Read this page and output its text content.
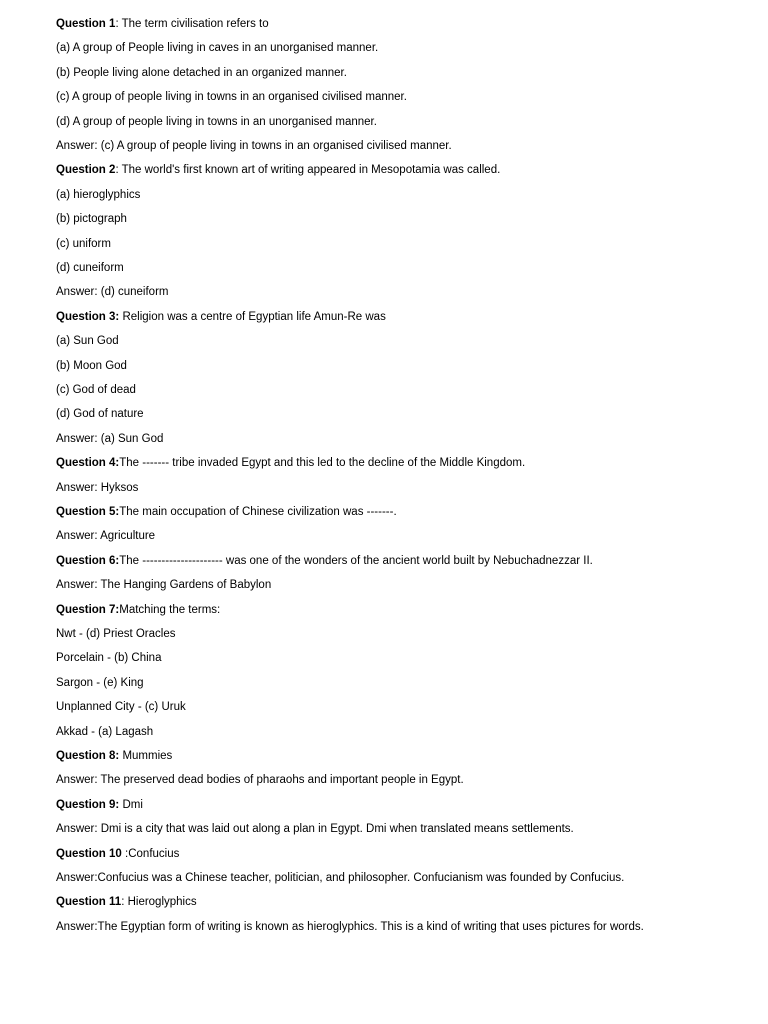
Question 1: The term civilisation refers to
(a) A group of People living in caves in an unorganised manner.
(b) People living alone detached in an organized manner.
(c) A group of people living in towns in an organised civilised manner.
(d) A group of people living in towns in an unorganised manner.
Answer: (c) A group of people living in towns in an organised civilised manner.
Question 2: The world's first known art of writing appeared in Mesopotamia was called.
(a) hieroglyphics
(b) pictograph
(c) uniform
(d) cuneiform
Answer: (d) cuneiform
Question 3: Religion was a centre of Egyptian life Amun-Re was
(a) Sun God
(b) Moon God
(c) God of dead
(d) God of nature
Answer: (a) Sun God
Question 4:The ------- tribe invaded Egypt and this led to the decline of the Middle Kingdom.
Answer: Hyksos
Question 5:The main occupation of Chinese civilization was -------.
Answer: Agriculture
Question 6:The --------------------- was one of the wonders of the ancient world built by Nebuchadnezzar II.
Answer: The Hanging Gardens of Babylon
Question 7:Matching the terms:
Nwt - (d) Priest Oracles
Porcelain - (b) China
Sargon - (e) King
Unplanned City - (c) Uruk
Akkad - (a) Lagash
Question 8: Mummies
Answer: The preserved dead bodies of pharaohs and important people in Egypt.
Question 9: Dmi
Answer: Dmi is a city that was laid out along a plan in Egypt. Dmi when translated means settlements.
Question 10 :Confucius
Answer:Confucius was a Chinese teacher, politician, and philosopher. Confucianism was founded by Confucius.
Question 11: Hieroglyphics
Answer:The Egyptian form of writing is known as hieroglyphics. This is a kind of writing that uses pictures for words.
